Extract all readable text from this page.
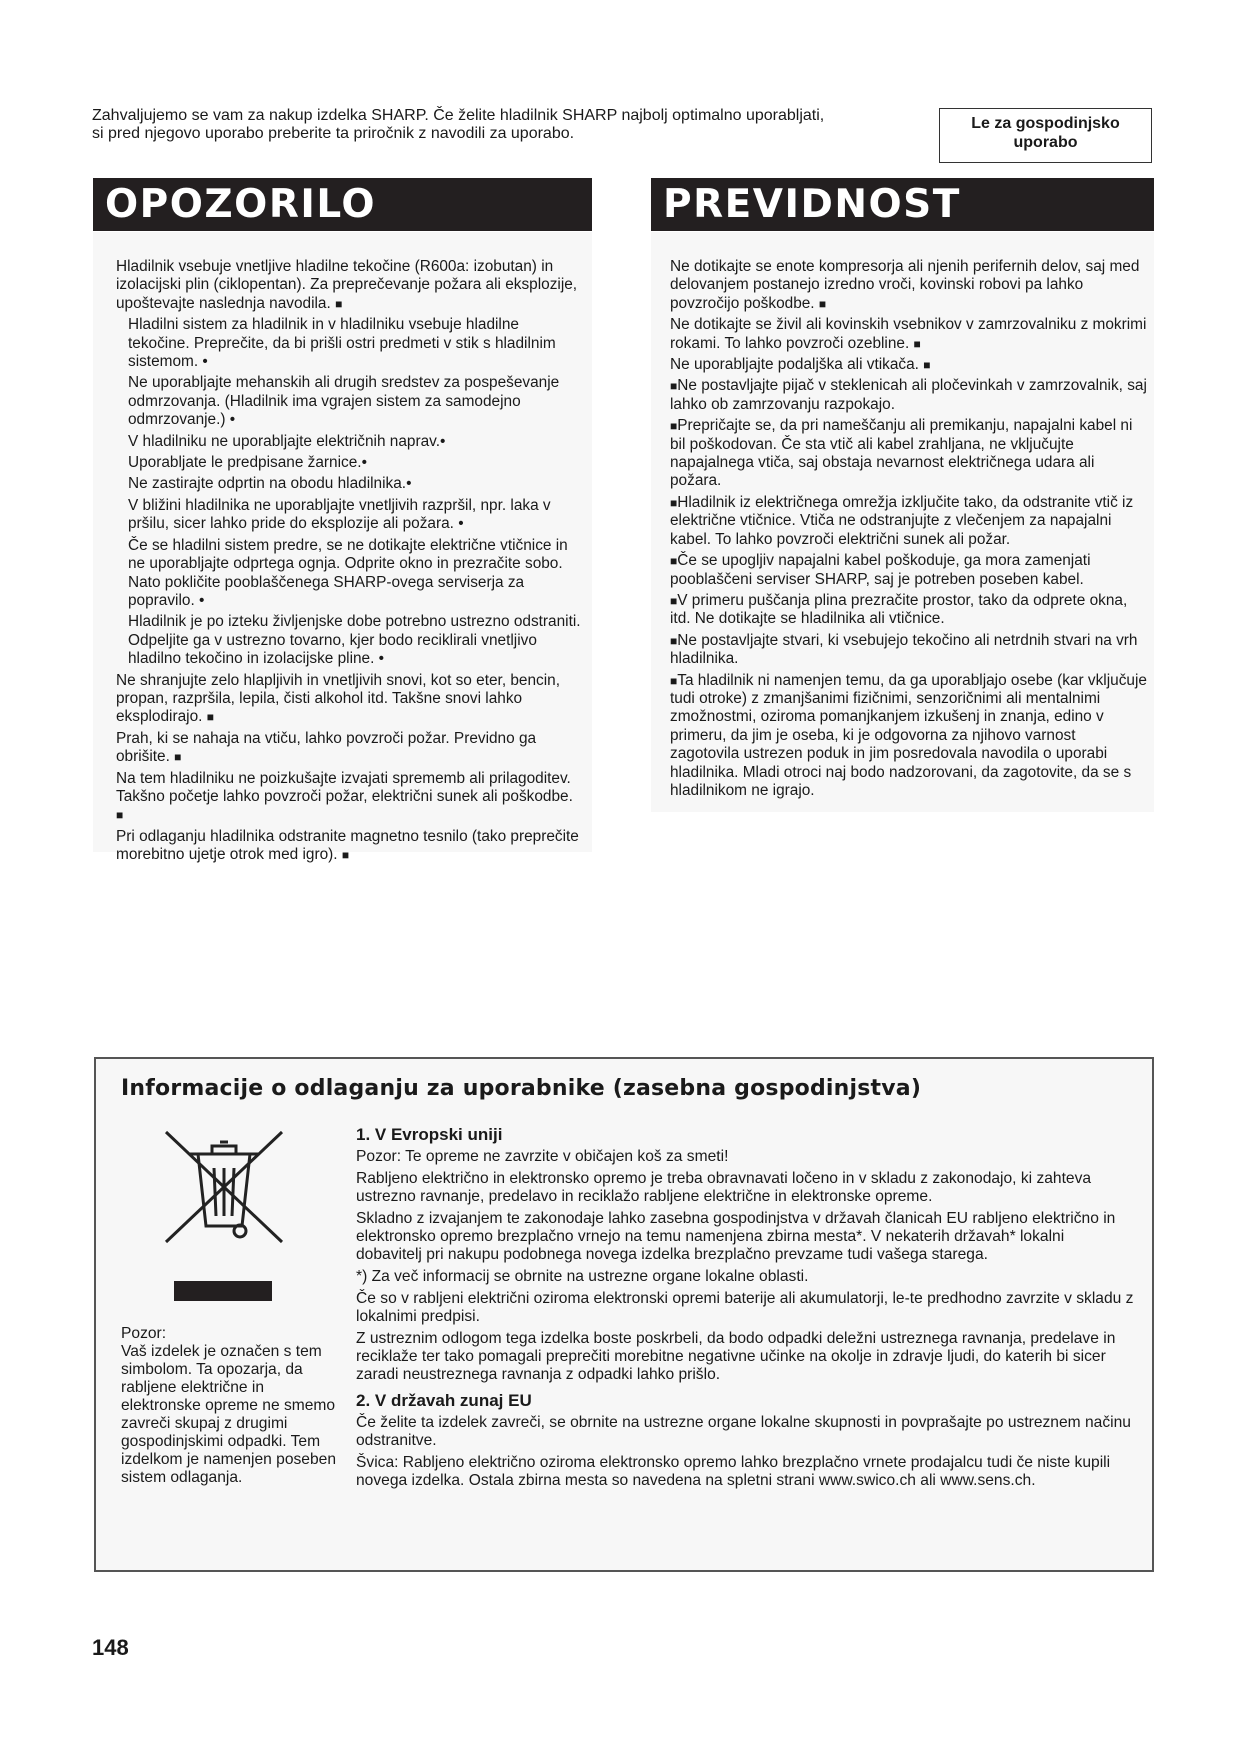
Zahvaljujemo se vam za nakup izdelka SHARP. Če želite hladilnik SHARP najbolj optimalno uporabljati,
si pred njegovo uporabo preberite ta priročnik z navodili za uporabo.
Le za gospodinjsko
uporabo
OPOZORILO	PREVIDNOST

Hladilnik vsebuje vnetljive hladilne tekočine (R600a: izobutan) in izolacijski plin (ciklopentan). Za preprečevanje požara ali eksplozije, upoštevajte naslednja navodila. ■

Hladilni sistem za hladilnik in v hladilniku vsebuje hladilne tekočine. Preprečite, da bi prišli ostri predmeti v stik s hladilnim sistemom. •

Ne uporabljajte mehanskih ali drugih sredstev za pospeševanje odmrzovanja. (Hladilnik ima vgrajen sistem za samodejno odmrzovanje.) •

V hladilniku ne uporabljajte električnih naprav.•

Uporabljate le predpisane žarnice.•

Ne zastirajte odprtin na obodu hladilnika.•

V bližini hladilnika ne uporabljajte vnetljivih razpršil, npr. laka v pršilu, sicer lahko pride do eksplozije ali požara. •

Če se hladilni sistem predre, se ne dotikajte električne vtičnice in ne uporabljajte odprtega ognja. Odprite okno in prezračite sobo. Nato pokličite pooblaščenega SHARP-ovega serviserja za popravilo. •

Hladilnik je po izteku življenjske dobe potrebno ustrezno odstraniti. Odpeljite ga v ustrezno tovarno, kjer bodo reciklirali vnetljivo hladilno tekočino in izolacijske pline. •

Ne shranjujte zelo hlapljivih in vnetljivih snovi, kot so eter, bencin, propan, razpršila, lepila, čisti alkohol itd. Takšne snovi lahko eksplodirajo. ■

Prah, ki se nahaja na vtiču, lahko povzroči požar. Previdno ga obrišite. ■

Na tem hladilniku ne poizkušajte izvajati sprememb ali prilagoditev. Takšno početje lahko povzroči požar, električni sunek ali poškodbe. ■

Pri odlaganju hladilnika odstranite magnetno tesnilo (tako preprečite morebitno ujetje otrok med igro). ■

Ne dotikajte se enote kompresorja ali njenih perifernih delov, saj med delovanjem postanejo izredno vroči, kovinski robovi pa lahko povzročijo poškodbe. ■

Ne dotikajte se živil ali kovinskih vsebnikov v zamrzovalniku z mokrimi rokami. To lahko povzroči ozebline. ■

Ne uporabljajte podaljška ali vtikača. ■

■Ne postavljajte pijač v steklenicah ali pločevinkah v zamrzovalnik, saj lahko ob zamrzovanju razpokajo.

■Prepričajte se, da pri nameščanju ali premikanju, napajalni kabel ni bil poškodovan. Če sta vtič ali kabel zrahljana, ne vključujte napajalnega vtiča, saj obstaja nevarnost električnega udara ali požara.

■Hladilnik iz električnega omrežja izključite tako, da odstranite vtič iz električne vtičnice. Vtiča ne odstranjujte z vlečenjem za napajalni kabel. To lahko povzroči električni sunek ali požar.

■Če se upogljiv napajalni kabel poškoduje, ga mora zamenjati pooblaščeni serviser SHARP, saj je potreben poseben kabel.

■V primeru puščanja plina prezračite prostor, tako da odprete okna, itd. Ne dotikajte se hladilnika ali vtičnice.

■Ne postavljajte stvari, ki vsebujejo tekočino ali netrdnih stvari na vrh hladilnika.

■Ta hladilnik ni namenjen temu, da ga uporabljajo osebe (kar vključuje tudi otroke) z zmanjšanimi fizičnimi, senzoričnimi ali mentalnimi zmožnostmi, oziroma pomanjkanjem izkušenj in znanja, edino v primeru, da jim je oseba, ki je odgovorna za njihovo varnost zagotovila ustrezen poduk in jim posredovala navodila o uporabi hladilnika. Mladi otroci naj bodo nadzorovani, da zagotovite, da se s hladilnikom ne igrajo.

Informacije o odlaganju za uporabnike (zasebna gospodinjstva)

Pozor:

Vaš izdelek je označen s tem simbolom. Ta opozarja, da rabljene električne in elektronske opreme ne smemo zavreči skupaj z drugimi gospodinjskimi odpadki. Tem izdelkom je namenjen poseben sistem odlaganja.

1. V Evropski uniji

Pozor: Te opreme ne zavrzite v običajen koš za smeti!

Rabljeno električno in elektronsko opremo je treba obravnavati ločeno in v skladu z zakonodajo, ki zahteva ustrezno ravnanje, predelavo in reciklažo rabljene električne in elektronske opreme.

Skladno z izvajanjem te zakonodaje lahko zasebna gospodinjstva v državah članicah EU rabljeno električno in elektronsko opremo brezplačno vrnejo na temu namenjena zbirna mesta*. V nekaterih državah* lokalni dobavitelj pri nakupu podobnega novega izdelka brezplačno prevzame tudi vašega starega.

*) Za več informacij se obrnite na ustrezne organe lokalne oblasti.

Če so v rabljeni električni oziroma elektronski opremi baterije ali akumulatorji, le-te predhodno zavrzite v skladu z lokalnimi predpisi.

Z ustreznim odlogom tega izdelka boste poskrbeli, da bodo odpadki deležni ustreznega ravnanja, predelave in reciklaže ter tako pomagali preprečiti morebitne negativne učinke na okolje in zdravje ljudi, do katerih bi sicer zaradi neustreznega ravnanja z odpadki lahko prišlo.

2. V državah zunaj EU

Če želite ta izdelek zavreči, se obrnite na ustrezne organe lokalne skupnosti in povprašajte po ustreznem načinu odstranitve.

Švica: Rabljeno električno oziroma elektronsko opremo lahko brezplačno vrnete prodajalcu tudi če niste kupili novega izdelka. Ostala zbirna mesta so navedena na spletni strani www.swico.ch ali www.sens.ch.

148
